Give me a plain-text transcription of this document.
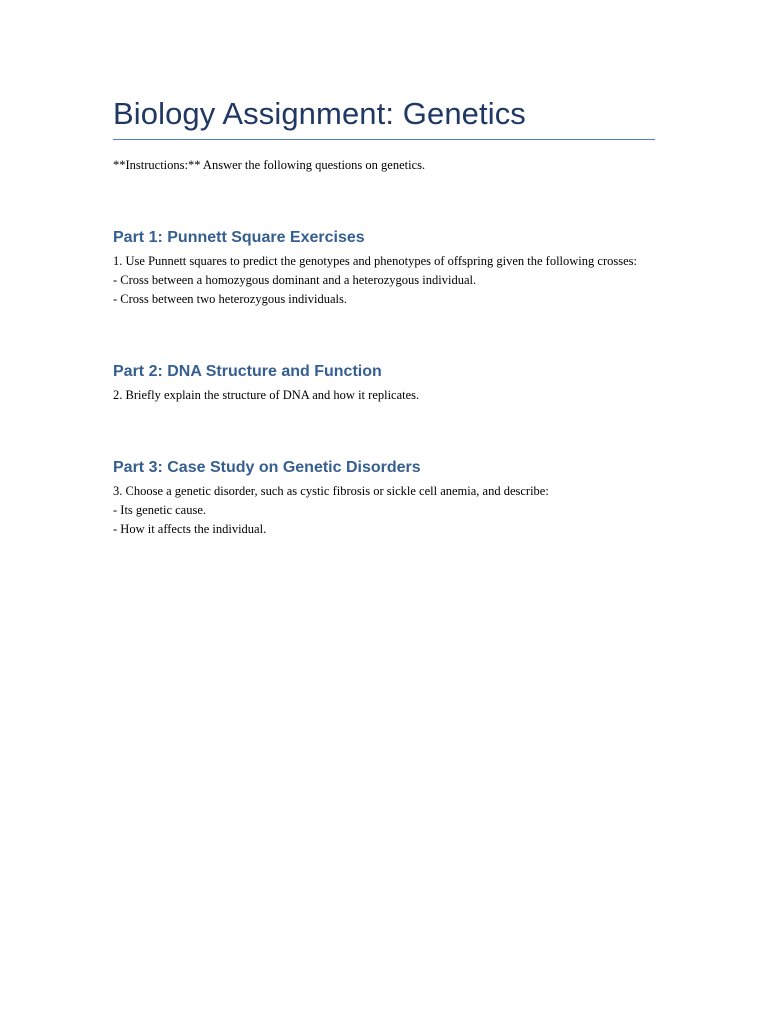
Biology Assignment: Genetics

**Instructions:** Answer the following questions on genetics.

Part 1: Punnett Square Exercises

1. Use Punnett squares to predict the genotypes and phenotypes of offspring given the following crosses:

- Cross between a homozygous dominant and a heterozygous individual.

- Cross between two heterozygous individuals.

Part 2: DNA Structure and Function

2. Briefly explain the structure of DNA and how it replicates.

Part 3: Case Study on Genetic Disorders

3. Choose a genetic disorder, such as cystic fibrosis or sickle cell anemia, and describe:

- Its genetic cause.

- How it affects the individual.
